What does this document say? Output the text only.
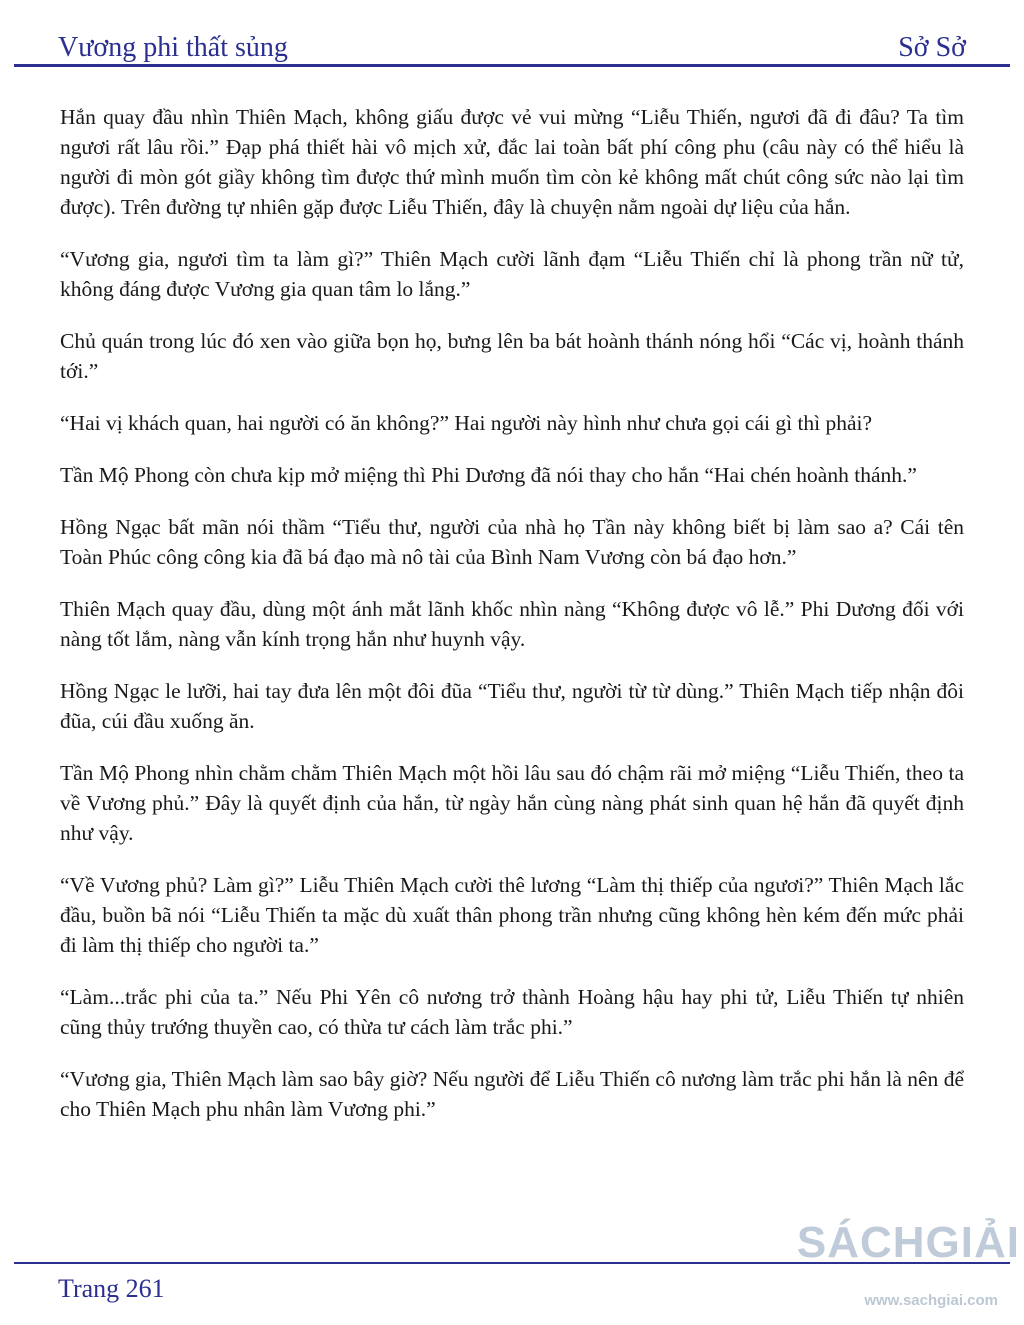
Vương phi thất sủng	Sở Sở

Hắn quay đầu nhìn Thiên Mạch, không giấu được vẻ vui mừng “Liễu Thiến, ngươi đã đi đâu? Ta tìm ngươi rất lâu rồi.” Đạp phá thiết hài vô mịch xử, đắc lai toàn bất phí công phu (câu này có thể hiểu là người đi mòn gót giầy không tìm được thứ mình muốn tìm còn kẻ không mất chút công sức nào lại tìm được). Trên đường tự nhiên gặp được Liễu Thiến, đây là chuyện nằm ngoài dự liệu của hắn.

“Vương gia, ngươi tìm ta làm gì?” Thiên Mạch cười lãnh đạm “Liễu Thiến chỉ là phong trần nữ tử, không đáng được Vương gia quan tâm lo lắng.”

Chủ quán trong lúc đó xen vào giữa bọn họ, bưng lên ba bát hoành thánh nóng hổi “Các vị, hoành thánh tới.”

“Hai vị khách quan, hai người có ăn không?” Hai người này hình như chưa gọi cái gì thì phải?

Tần Mộ Phong còn chưa kịp mở miệng thì Phi Dương đã nói thay cho hắn “Hai chén hoành thánh.”

Hồng Ngạc bất mãn nói thầm “Tiểu thư, người của nhà họ Tần này không biết bị làm sao a? Cái tên Toàn Phúc công công kia đã bá đạo mà nô tài của Bình Nam Vương còn bá đạo hơn.”

Thiên Mạch quay đầu, dùng một ánh mắt lãnh khốc nhìn nàng “Không được vô lễ.” Phi Dương đối với nàng tốt lắm, nàng vẫn kính trọng hắn như huynh vậy.

Hồng Ngạc le lưỡi, hai tay đưa lên một đôi đũa “Tiểu thư, người từ từ dùng.” Thiên Mạch tiếp nhận đôi đũa, cúi đầu xuống ăn.

Tần Mộ Phong nhìn chằm chằm Thiên Mạch một hồi lâu sau đó chậm rãi mở miệng “Liễu Thiến, theo ta về Vương phủ.” Đây là quyết định của hắn, từ ngày hắn cùng nàng phát sinh quan hệ hắn đã quyết định như vậy.

“Về Vương phủ? Làm gì?” Liễu Thiên Mạch cười thê lương “Làm thị thiếp của ngươi?” Thiên Mạch lắc đầu, buồn bã nói “Liễu Thiến ta mặc dù xuất thân phong trần nhưng cũng không hèn kém đến mức phải đi làm thị thiếp cho người ta.”

“Làm...trắc phi của ta.” Nếu Phi Yên cô nương trở thành Hoàng hậu hay phi tử, Liễu Thiến tự nhiên cũng thủy trướng thuyền cao, có thừa tư cách làm trắc phi.”

“Vương gia, Thiên Mạch làm sao bây giờ? Nếu người để Liễu Thiến cô nương làm trắc phi hắn là nên để cho Thiên Mạch phu nhân làm Vương phi.”

Trang 261
SÁCHGIẢI
www.sachgiai.com
